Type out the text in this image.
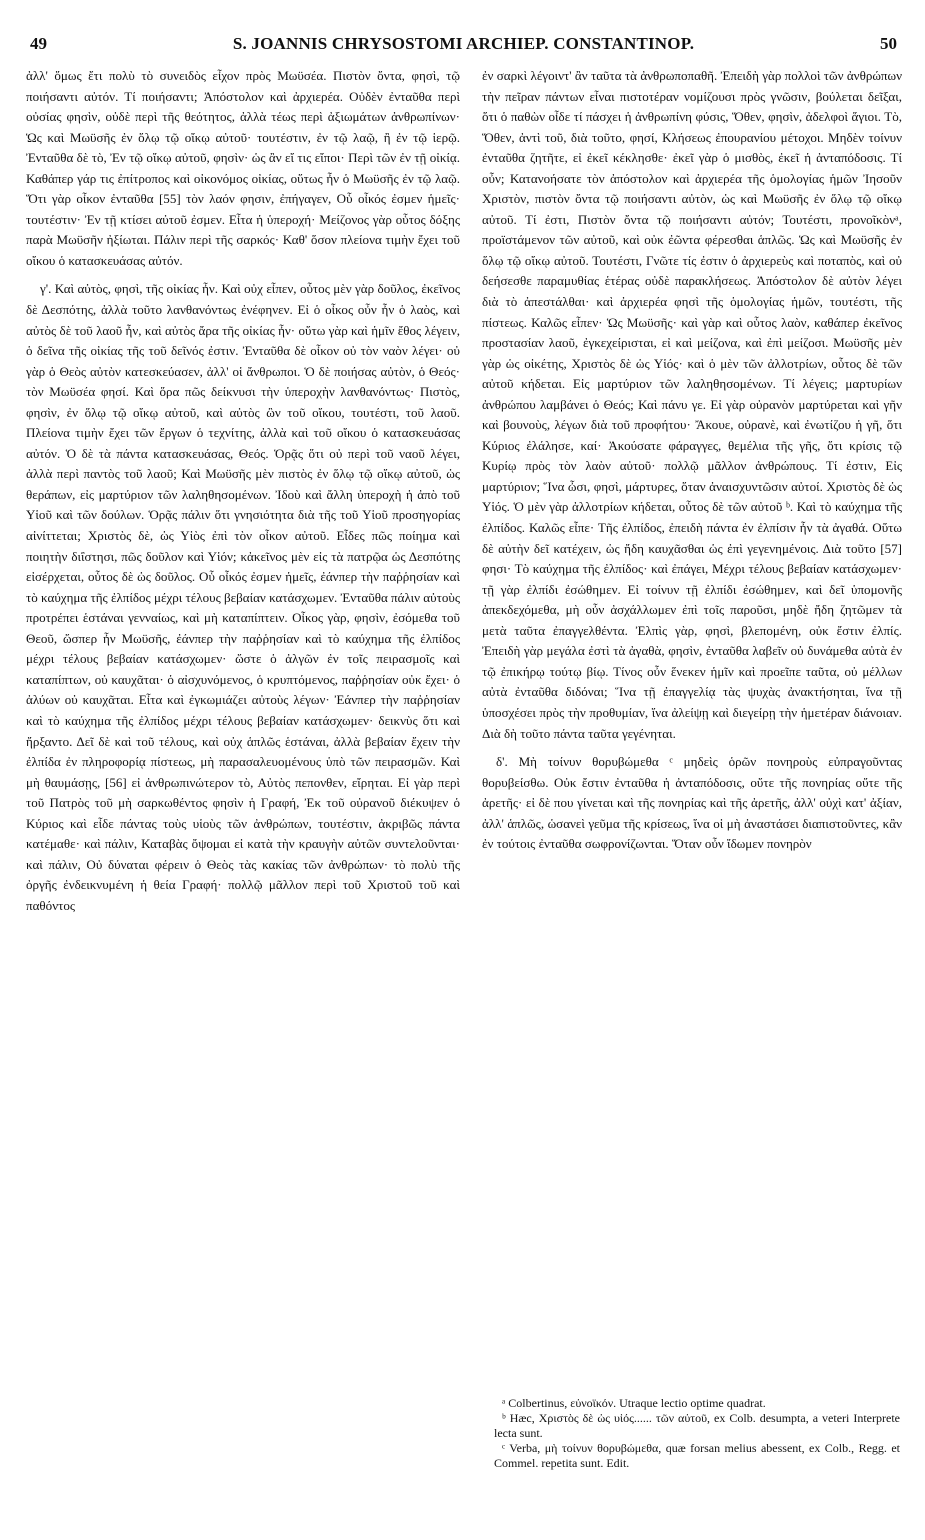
49	S. JOANNIS CHRYSOSTOMI ARCHIEP. CONSTANTINOP.	50

ἀλλ' ὅμως ἔτι πολὺ τὸ συνειδὸς εἶχον πρὸς Μωϋσέα. Πιστὸν ὄντα, φησὶ, τῷ ποιήσαντι αὐτόν. Τί ποιήσαντι; Ἀπόστολον καὶ ἀρχιερέα. Οὐδὲν ἐνταῦθα περὶ οὐσίας φησὶν, οὐδὲ περὶ τῆς θεότητος, ἀλλὰ τέως περὶ ἀξιωμάτων ἀνθρωπίνων· Ὡς καὶ Μωϋσῆς ἐν ὅλῳ τῷ οἴκῳ αὐτοῦ· τουτέστιν, ἐν τῷ λαῷ, ἢ ἐν τῷ ἱερῷ. Ἐνταῦθα δὲ τὸ, Ἐν τῷ οἴκῳ αὐτοῦ, φησὶν· ὡς ἂν εἴ τις εἴποι· Περὶ τῶν ἐν τῇ οἰκίᾳ. Καθάπερ γάρ τις ἐπίτροπος καὶ οἰκονόμος οἰκίας, οὕτως ἦν ὁ Μωϋσῆς ἐν τῷ λαῷ. Ὅτι γὰρ οἶκον ἐνταῦθα [55] τὸν λαόν φησιν, ἐπήγαγεν, Οὗ οἶκός ἐσμεν ἡμεῖς· τουτέστιν· Ἐν τῇ κτίσει αὐτοῦ ἐσμεν. Εἶτα ἡ ὑπεροχή· Μείζονος γὰρ οὗτος δόξης παρὰ Μωϋσῆν ἠξίωται. Πάλιν περὶ τῆς σαρκός· Καθ' ὅσον πλείονα τιμὴν ἔχει τοῦ οἴκου ὁ κατασκευάσας αὐτόν.

γ'. Καὶ αὐτὸς, φησὶ, τῆς οἰκίας ἦν. Καὶ οὐχ εἶπεν, οὗτος μὲν γὰρ δοῦλος, ἐκεῖνος δὲ Δεσπότης, ἀλλὰ τοῦτο λανθανόντως ἐνέφηνεν. Εἰ ὁ οἶκος οὖν ἦν ὁ λαὸς, καὶ αὐτὸς δὲ τοῦ λαοῦ ἦν, καὶ αὐτὸς ἄρα τῆς οἰκίας ἦν· οὕτω γὰρ καὶ ἡμῖν ἔθος λέγειν, ὁ δεῖνα τῆς οἰκίας τῆς τοῦ δεῖνός ἐστιν. Ἐνταῦθα δὲ οἶκον οὐ τὸν ναὸν λέγει· οὐ γὰρ ὁ Θεὸς αὐτὸν κατεσκεύασεν, ἀλλ' οἱ ἄνθρωποι. Ὁ δὲ ποιήσας αὐτὸν, ὁ Θεός· τὸν Μωϋσέα φησί. Καὶ ὅρα πῶς δείκνυσι τὴν ὑπεροχὴν λανθανόντως· Πιστὸς, φησὶν, ἐν ὅλῳ τῷ οἴκῳ αὐτοῦ, καὶ αὐτὸς ὢν τοῦ οἴκου, τουτέστι, τοῦ λαοῦ. Πλείονα τιμὴν ἔχει τῶν ἔργων ὁ τεχνίτης, ἀλλὰ καὶ τοῦ οἴκου ὁ κατασκευάσας αὐτόν. Ὁ δὲ τὰ πάντα κατασκευάσας, Θεός. Ὁρᾷς ὅτι οὐ περὶ τοῦ ναοῦ λέγει, ἀλλὰ περὶ παντὸς τοῦ λαοῦ; Καὶ Μωϋσῆς μὲν πιστὸς ἐν ὅλῳ τῷ οἴκῳ αὐτοῦ, ὡς θεράπων, εἰς μαρτύριον τῶν λαληθησομένων. Ἰδοὺ καὶ ἄλλη ὑπεροχὴ ἡ ἀπὸ τοῦ Υἱοῦ καὶ τῶν δούλων. Ὁρᾷς πάλιν ὅτι γνησιότητα διὰ τῆς τοῦ Υἱοῦ προσηγορίας αἰνίττεται; Χριστὸς δὲ, ὡς Υἱὸς ἐπὶ τὸν οἶκον αὐτοῦ. Εἶδες πῶς ποίημα καὶ ποιητὴν διΐστησι, πῶς δοῦλον καὶ Υἱόν; κἀκεῖνος μὲν εἰς τὰ πατρῷα ὡς Δεσπότης εἰσέρχεται, οὗτος δὲ ὡς δοῦλος. Οὗ οἶκός ἐσμεν ἡμεῖς, ἐάνπερ τὴν παῤῥησίαν καὶ τὸ καύχημα τῆς ἐλπίδος μέχρι τέλους βεβαίαν κατάσχωμεν. Ἐνταῦθα πάλιν αὐτοὺς προτρέπει ἑστάναι γενναίως, καὶ μὴ καταπίπτειν. Οἶκος γὰρ, φησὶν, ἐσόμεθα τοῦ Θεοῦ, ὥσπερ ἦν Μωϋσῆς, ἐάνπερ τὴν παῤῥησίαν καὶ τὸ καύχημα τῆς ἐλπίδος μέχρι τέλους βεβαίαν κατάσχωμεν· ὥστε ὁ ἀλγῶν ἐν τοῖς πειρασμοῖς καὶ καταπίπτων, οὐ καυχᾶται· ὁ αἰσχυνόμενος, ὁ κρυπτόμενος, παῤῥησίαν οὐκ ἔχει· ὁ ἀλύων οὐ καυχᾶται. Εἶτα καὶ ἐγκωμιάζει αὐτοὺς λέγων· Ἐάνπερ τὴν παῤῥησίαν καὶ τὸ καύχημα τῆς ἐλπίδος μέχρι τέλους βεβαίαν κατάσχωμεν· δεικνὺς ὅτι καὶ ἤρξαντο. Δεῖ δὲ καὶ τοῦ τέλους, καὶ οὐχ ἁπλῶς ἑστάναι, ἀλλὰ βεβαίαν ἔχειν τὴν ἐλπίδα ἐν πληροφορίᾳ πίστεως, μὴ παρασαλευομένους ὑπὸ τῶν πειρασμῶν. Καὶ μὴ θαυμάσῃς, [56] εἰ ἀνθρωπινώτερον τὸ, Αὐτὸς πεπονθεν, εἴρηται. Εἰ γὰρ περὶ τοῦ Πατρὸς τοῦ μὴ σαρκωθέντος φησὶν ἡ Γραφή, Ἐκ τοῦ οὐρανοῦ διέκυψεν ὁ Κύριος καὶ εἶδε πάντας τοὺς υἱοὺς τῶν ἀνθρώπων, τουτέστιν, ἀκριβῶς πάντα κατέμαθε· καὶ πάλιν, Καταβὰς ὄψομαι εἰ κατὰ τὴν κραυγὴν αὐτῶν συντελοῦνται· καὶ πάλιν, Οὐ δύναται φέρειν ὁ Θεὸς τὰς κακίας τῶν ἀνθρώπων· τὸ πολὺ τῆς ὀργῆς ἐνδεικνυμένη ἡ θεία Γραφή· πολλῷ μᾶλλον περὶ τοῦ Χριστοῦ τοῦ καὶ παθόντος

ἐν σαρκὶ λέγοιντ' ἂν ταῦτα τὰ ἀνθρωποπαθῆ. Ἐπειδὴ γὰρ πολλοὶ τῶν ἀνθρώπων τὴν πεῖραν πάντων εἶναι πιστοτέραν νομίζουσι πρὸς γνῶσιν, βούλεται δεῖξαι, ὅτι ὁ παθὼν οἶδε τί πάσχει ἡ ἀνθρωπίνη φύσις, Ὅθεν, φησὶν, ἀδελφοὶ ἅγιοι. Τὸ, Ὅθεν, ἀντὶ τοῦ, διὰ τοῦτο, φησί, Κλήσεως ἐπουρανίου μέτοχοι. Μηδὲν τοίνυν ἐνταῦθα ζητῆτε, εἰ ἐκεῖ κέκλησθε· ἐκεῖ γὰρ ὁ μισθὸς, ἐκεῖ ἡ ἀνταπόδοσις. Τί οὖν; Κατανοήσατε τὸν ἀπόστολον καὶ ἀρχιερέα τῆς ὁμολογίας ἡμῶν Ἰησοῦν Χριστὸν, πιστὸν ὄντα τῷ ποιήσαντι αὐτὸν, ὡς καὶ Μωϋσῆς ἐν ὅλῳ τῷ οἴκῳ αὐτοῦ. Τί ἐστι, Πιστὸν ὄντα τῷ ποιήσαντι αὐτόν; Τουτέστι, προνοῖκὸνᵃ, προϊστάμενον τῶν αὐτοῦ, καὶ οὐκ ἐῶντα φέρεσθαι ἁπλῶς. Ὡς καὶ Μωϋσῆς ἐν ὅλῳ τῷ οἴκῳ αὐτοῦ. Τουτέστι, Γνῶτε τίς ἐστιν ὁ ἀρχιερεὺς καὶ ποταπὸς, καὶ οὐ δεήσεσθε παραμυθίας ἑτέρας οὐδὲ παρακλήσεως. Ἀπόστολον δὲ αὐτὸν λέγει διὰ τὸ ἀπεστάλθαι· καὶ ἀρχιερέα φησὶ τῆς ὁμολογίας ἡμῶν, τουτέστι, τῆς πίστεως. Καλῶς εἶπεν· Ὡς Μωϋσῆς· καὶ γὰρ καὶ οὗτος λαὸν, καθάπερ ἐκεῖνος προστασίαν λαοῦ, ἐγκεχείρισται, εἰ καὶ μείζονα, καὶ ἐπὶ μείζοσι. Μωϋσῆς μὲν γὰρ ὡς οἰκέτης, Χριστὸς δὲ ὡς Υἱός· καὶ ὁ μὲν τῶν ἀλλοτρίων, οὗτος δὲ τῶν αὐτοῦ κήδεται. Εἰς μαρτύριον τῶν λαληθησομένων. Τί λέγεις; μαρτυρίων ἀνθρώπου λαμβάνει ὁ Θεός; Καὶ πάνυ γε. Εἰ γὰρ οὐρανὸν μαρτύρεται καὶ γῆν καὶ βουνοὺς, λέγων διὰ τοῦ προφήτου· Ἄκουε, οὐρανὲ, καὶ ἐνωτίζου ἡ γῆ, ὅτι Κύριος ἐλάλησε, καί· Ἀκούσατε φάραγγες, θεμέλια τῆς γῆς, ὅτι κρίσις τῷ Κυρίῳ πρὸς τὸν λαὸν αὐτοῦ· πολλῷ μᾶλλον ἀνθρώπους. Τί ἐστιν, Εἰς μαρτύριον; Ἵνα ὦσι, φησὶ, μάρτυρες, ὅταν ἀναισχυντῶσιν αὐτοί. Χριστὸς δὲ ὡς Υἱός. Ὁ μὲν γὰρ ἀλλοτρίων κήδεται, οὗτος δὲ τῶν αὐτοῦ ᵇ. Καὶ τὸ καύχημα τῆς ἐλπίδος. Καλῶς εἶπε· Τῆς ἐλπίδος, ἐπειδὴ πάντα ἐν ἐλπίσιν ἦν τὰ ἀγαθά. Οὕτω δὲ αὐτὴν δεῖ κατέχειν, ὡς ἤδη καυχᾶσθαι ὡς ἐπὶ γεγενημένοις. Διὰ τοῦτο [57] φησι· Τὸ καύχημα τῆς ἐλπίδος· καὶ ἐπάγει, Μέχρι τέλους βεβαίαν κατάσχωμεν· τῇ γὰρ ἐλπίδι ἐσώθημεν. Εἰ τοίνυν τῇ ἐλπίδι ἐσώθημεν, καὶ δεῖ ὑπομονῆς ἀπεκδεχόμεθα, μὴ οὖν ἀσχάλλωμεν ἐπὶ τοῖς παροῦσι, μηδὲ ἤδη ζητῶμεν τὰ μετὰ ταῦτα ἐπαγγελθέντα. Ἐλπὶς γὰρ, φησὶ, βλεπομένη, οὐκ ἔστιν ἐλπίς. Ἐπειδὴ γὰρ μεγάλα ἐστὶ τὰ ἀγαθὰ, φησὶν, ἐνταῦθα λαβεῖν οὐ δυνάμεθα αὐτὰ ἐν τῷ ἐπικήρῳ τούτῳ βίῳ. Τίνος οὖν ἕνεκεν ἡμῖν καὶ προεῖπε ταῦτα, οὐ μέλλων αὐτὰ ἐνταῦθα διδόναι; Ἵνα τῇ ἐπαγγελίᾳ τὰς ψυχὰς ἀνακτήσηται, ἵνα τῇ ὑποσχέσει πρὸς τὴν προθυμίαν, ἵνα ἀλείψῃ καὶ διεγείρῃ τὴν ἡμετέραν διάνοιαν. Διὰ δὴ τοῦτο πάντα ταῦτα γεγένηται.

δ'. Μὴ τοίνυν θορυβώμεθα ᶜ μηδεὶς ὁρῶν πονηροὺς εὐπραγοῦντας θορυβείσθω. Οὐκ ἔστιν ἐνταῦθα ἡ ἀνταπόδοσις, οὔτε τῆς πονηρίας οὔτε τῆς ἀρετῆς· εἰ δὲ που γίνεται καὶ τῆς πονηρίας καὶ τῆς ἀρετῆς, ἀλλ' οὐχὶ κατ' ἀξίαν, ἀλλ' ἁπλῶς, ὡσανεὶ γεῦμα τῆς κρίσεως, ἵνα οἱ μὴ ἀναστάσει διαπιστοῦντες, κἂν ἐν τούτοις ἐνταῦθα σωφρονίζωνται. Ὅταν οὖν ἴδωμεν πονηρὸν

ᵃ Colbertinus, εὐνοϊκόν. Utraque lectio optime quadrat.

ᵇ Hæc, Χριστὸς δὲ ὡς υἱός...... τῶν αὐτοῦ, ex Colb. desumpta, a veteri Interprete lecta sunt.

ᶜ Verba, μὴ τοίνυν θορυβώμεθα, quæ forsan melius abessent, ex Colb., Regg. et Commel. repetita sunt. Edit.
